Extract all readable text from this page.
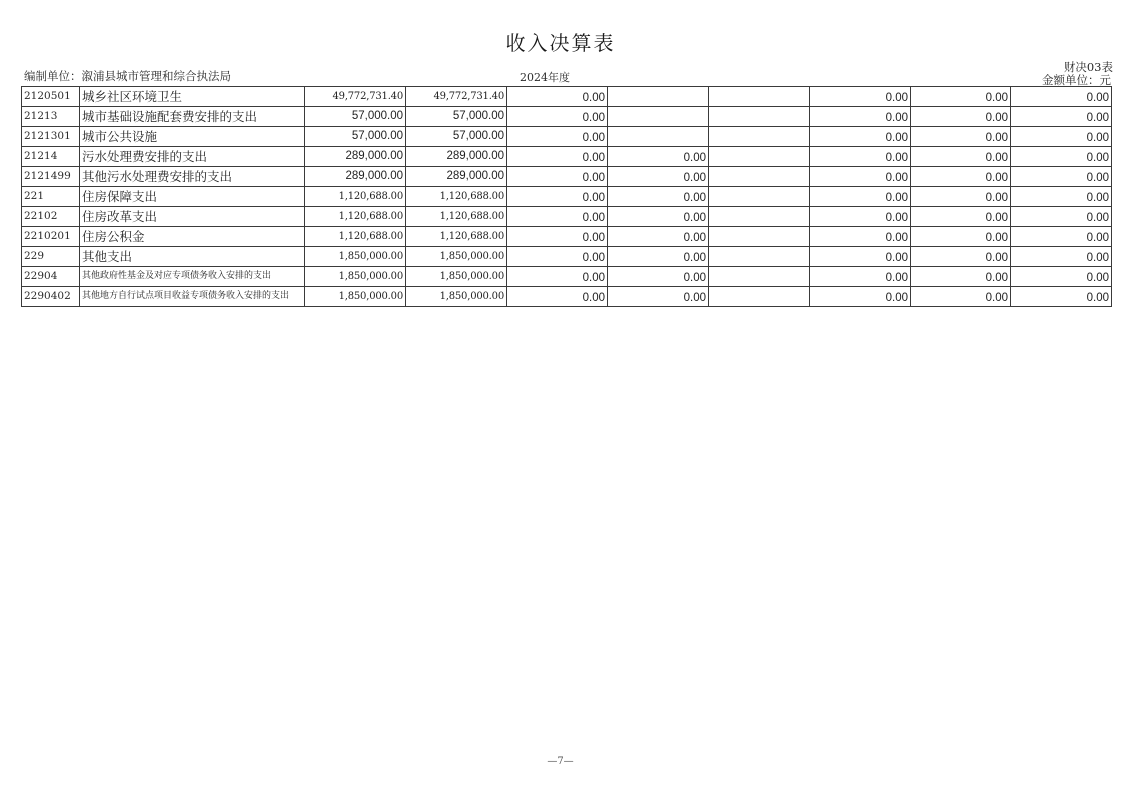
收入决算表
编制单位：溆浦县城市管理和综合执法局	2024年度
财决03表
金额单位：元
2120501	城乡社区环境卫生	49,772,731.40	49,772,731.40	0.00			0.00	0.00	0.00
21213	城市基础设施配套费安排的支出	57,000.00	57,000.00	0.00			0.00	0.00	0.00
2121301	城市公共设施	57,000.00	57,000.00	0.00			0.00	0.00	0.00
21214	污水处理费安排的支出	289,000.00	289,000.00	0.00	0.00		0.00	0.00	0.00
2121499	其他污水处理费安排的支出	289,000.00	289,000.00	0.00	0.00		0.00	0.00	0.00
221	住房保障支出	1,120,688.00	1,120,688.00	0.00	0.00		0.00	0.00	0.00
22102	住房改革支出	1,120,688.00	1,120,688.00	0.00	0.00		0.00	0.00	0.00
2210201	住房公积金	1,120,688.00	1,120,688.00	0.00	0.00		0.00	0.00	0.00
229	其他支出	1,850,000.00	1,850,000.00	0.00	0.00		0.00	0.00	0.00
22904	其他政府性基金及对应专项债务收入安排的支出	1,850,000.00	1,850,000.00	0.00	0.00		0.00	0.00	0.00
2290402	其他地方自行试点项目收益专项债务收入安排的支出	1,850,000.00	1,850,000.00	0.00	0.00		0.00	0.00	0.00
—7—
